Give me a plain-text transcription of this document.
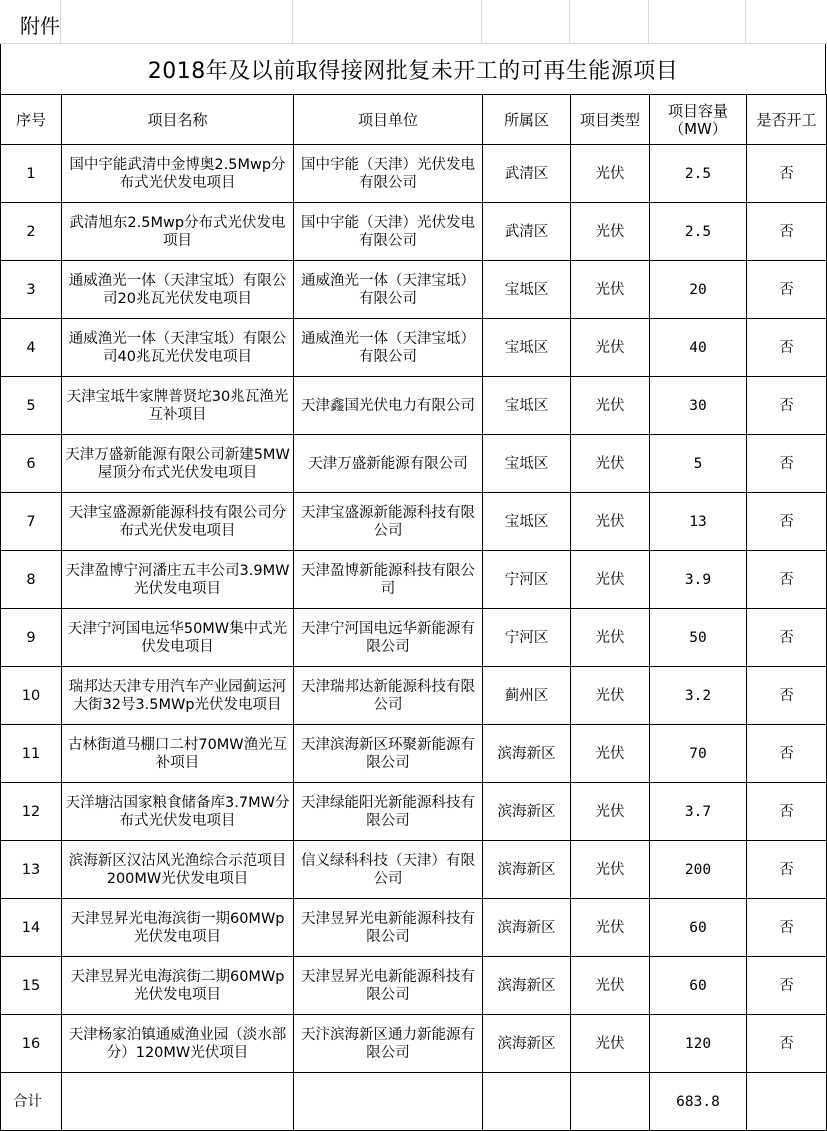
附件
2018年及以前取得接网批复未开工的可再生能源项目
序号	项目名称	项目单位	所属区	项目类型	项目容量（MW）	是否开工
1	国中宇能武清中金博奥2.5Mwp分布式光伏发电项目	国中宇能（天津）光伏发电有限公司	武清区	光伏	2.5	否
2	武清旭东2.5Mwp分布式光伏发电项目	国中宇能（天津）光伏发电有限公司	武清区	光伏	2.5	否
3	通威渔光一体（天津宝坻）有限公司20兆瓦光伏发电项目	通威渔光一体（天津宝坻）有限公司	宝坻区	光伏	20	否
4	通威渔光一体（天津宝坻）有限公司40兆瓦光伏发电项目	通威渔光一体（天津宝坻）有限公司	宝坻区	光伏	40	否
5	天津宝坻牛家牌普贤坨30兆瓦渔光互补项目	天津鑫国光伏电力有限公司	宝坻区	光伏	30	否
6	天津万盛新能源有限公司新建5MW屋顶分布式光伏发电项目	天津万盛新能源有限公司	宝坻区	光伏	5	否
7	天津宝盛源新能源科技有限公司分布式光伏发电项目	天津宝盛源新能源科技有限公司	宝坻区	光伏	13	否
8	天津盈博宁河潘庄五丰公司3.9MW光伏发电项目	天津盈博新能源科技有限公司	宁河区	光伏	3.9	否
9	天津宁河国电远华50MW集中式光伏发电项目	天津宁河国电远华新能源有限公司	宁河区	光伏	50	否
10	瑞邦达天津专用汽车产业园蓟运河大街32号3.5MWp光伏发电项目	天津瑞邦达新能源科技有限公司	蓟州区	光伏	3.2	否
11	古林街道马棚口二村70MW渔光互补项目	天津滨海新区环聚新能源有限公司	滨海新区	光伏	70	否
12	天洋塘沽国家粮食储备库3.7MW分布式光伏发电项目	天津绿能阳光新能源科技有限公司	滨海新区	光伏	3.7	否
13	滨海新区汉沽风光渔综合示范项目200MW光伏发电项目	信义绿科科技（天津）有限公司	滨海新区	光伏	200	否
14	天津昱昇光电海滨街一期60MWp光伏发电项目	天津昱昇光电新能源科技有限公司	滨海新区	光伏	60	否
15	天津昱昇光电海滨街二期60MWp光伏发电项目	天津昱昇光电新能源科技有限公司	滨海新区	光伏	60	否
16	天津杨家泊镇通威渔业园（淡水部分）120MW光伏项目	天汴滨海新区通力新能源有限公司	滨海新区	光伏	120	否
合计					683.8	
